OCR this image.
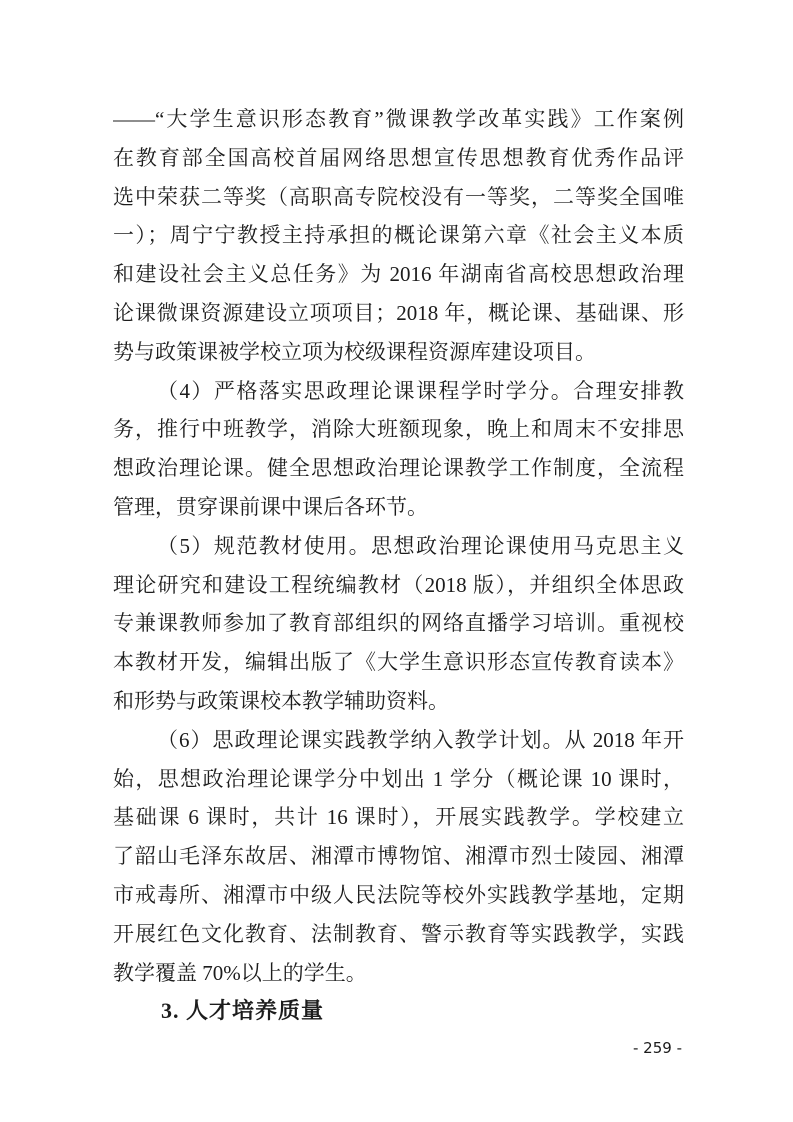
——“大学生意识形态教育”微课教学改革实践》工作案例
在教育部全国高校首届网络思想宣传思想教育优秀作品评
选中荣获二等奖（高职高专院校没有一等奖，二等奖全国唯
一）；周宁宁教授主持承担的概论课第六章《社会主义本质
和建设社会主义总任务》为 2016 年湖南省高校思想政治理
论课微课资源建设立项项目；2018 年，概论课、基础课、形
势与政策课被学校立项为校级课程资源库建设项目。
（4）严格落实思政理论课课程学时学分。合理安排教
务，推行中班教学，消除大班额现象，晚上和周末不安排思
想政治理论课。健全思想政治理论课教学工作制度，全流程
管理，贯穿课前课中课后各环节。
（5）规范教材使用。思想政治理论课使用马克思主义
理论研究和建设工程统编教材（2018 版），并组织全体思政
专兼课教师参加了教育部组织的网络直播学习培训。重视校
本教材开发，编辑出版了《大学生意识形态宣传教育读本》
和形势与政策课校本教学辅助资料。
（6）思政理论课实践教学纳入教学计划。从 2018 年开
始，思想政治理论课学分中划出 1 学分（概论课 10 课时，
基础课 6 课时，共计 16 课时），开展实践教学。学校建立
了韶山毛泽东故居、湘潭市博物馆、湘潭市烈士陵园、湘潭
市戒毒所、湘潭市中级人民法院等校外实践教学基地，定期
开展红色文化教育、法制教育、警示教育等实践教学，实践
教学覆盖 70%以上的学生。
3. 人才培养质量
- 259 -
